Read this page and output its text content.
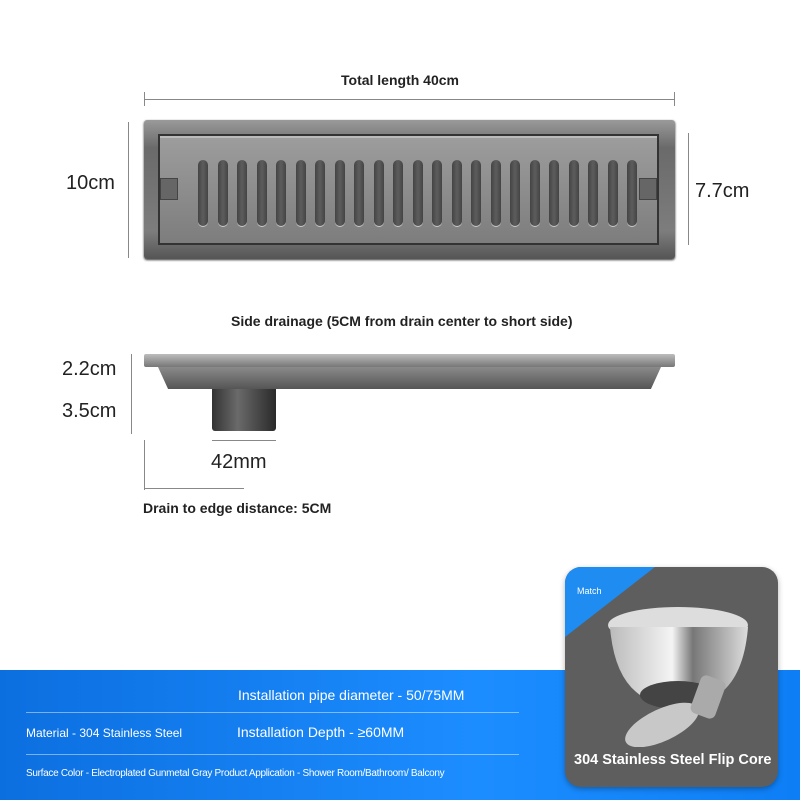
Total length 40cm
10cm	7.7cm
Side drainage (5CM from drain center to short side)
2.2cm
3.5cm
42mm
Drain to edge distance: 5CM
Installation pipe diameter - 50/75MM
Material - 304 Stainless Steel	Installation Depth - ≥60MM
Surface Color - Electroplated Gunmetal Gray Product Application - Shower Room/Bathroom/ Balcony
Match
304 Stainless Steel Flip Core
